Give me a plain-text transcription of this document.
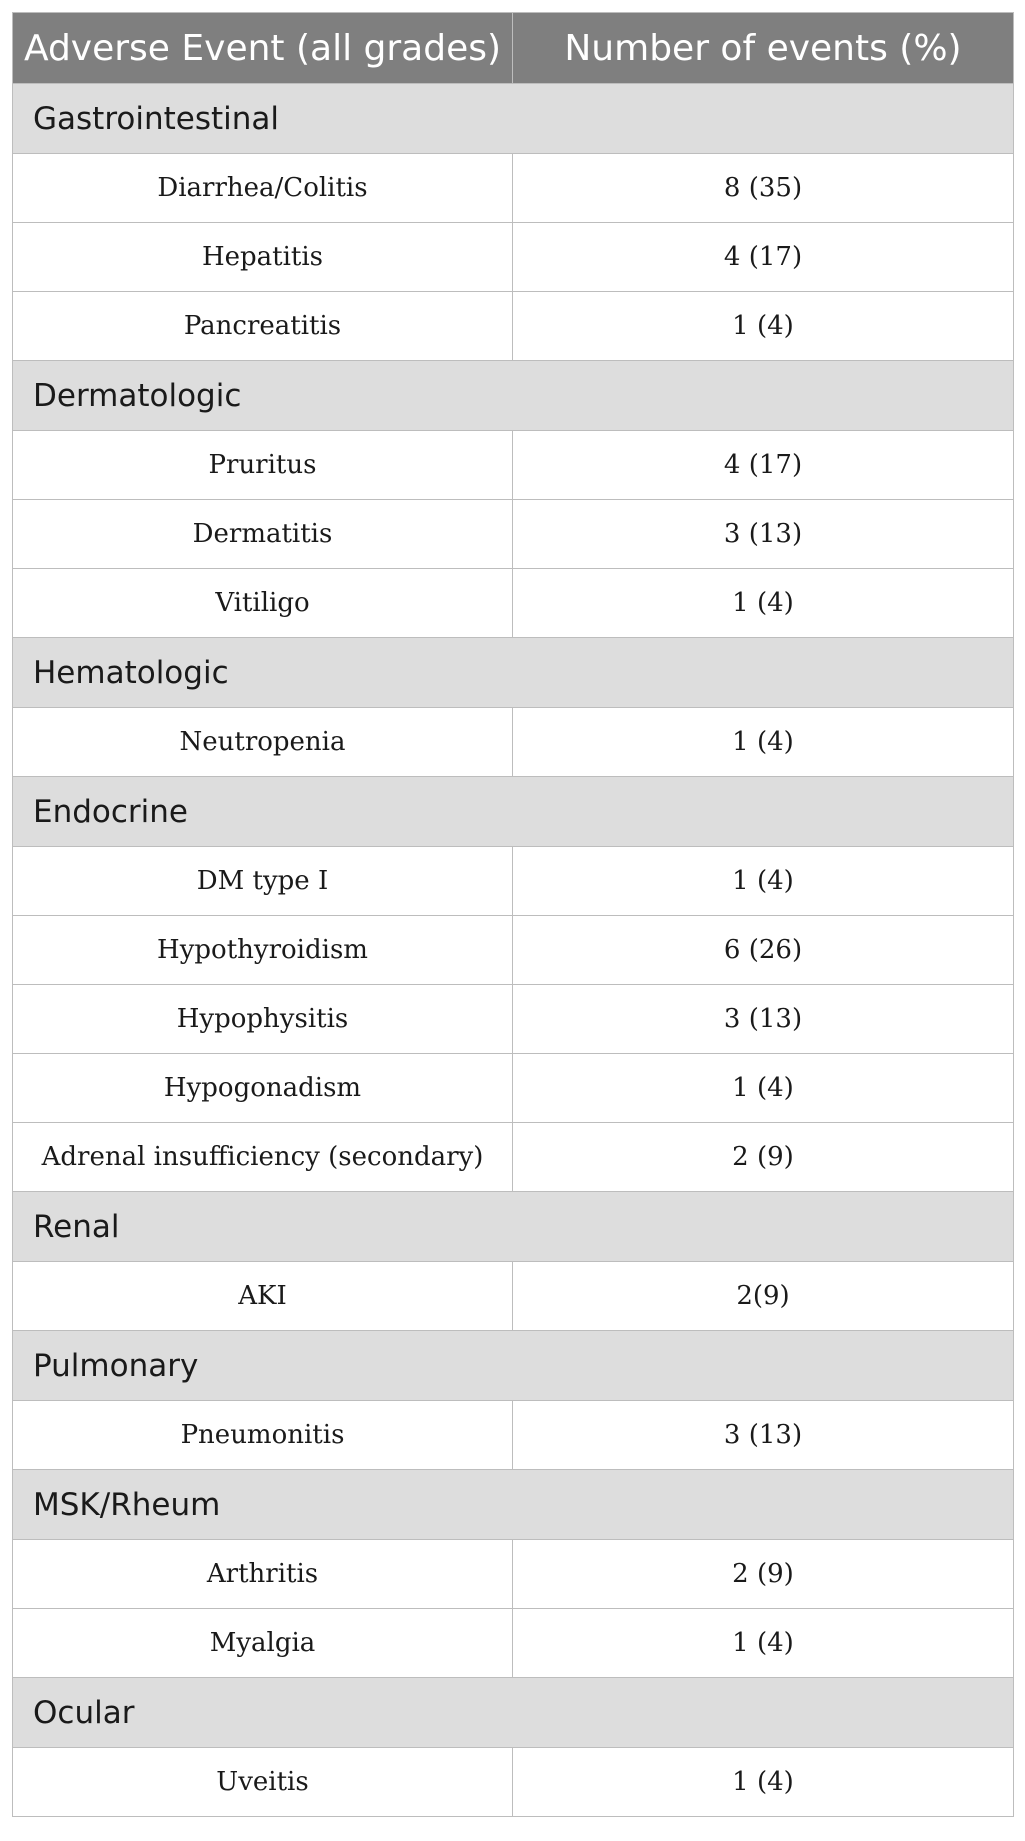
Adverse Event (all grades)	Number of events (%)
Gastrointestinal	
Diarrhea/Colitis	8 (35)
Hepatitis	4 (17)
Pancreatitis	1 (4)
Dermatologic	
Pruritus	4 (17)
Dermatitis	3 (13)
Vitiligo	1 (4)
Hematologic	
Neutropenia	1 (4)
Endocrine	
DM type I	1 (4)
Hypothyroidism	6 (26)
Hypophysitis	3 (13)
Hypogonadism	1 (4)
Adrenal insufficiency (secondary)	2 (9)
Renal	
AKI	2(9)
Pulmonary	
Pneumonitis	3 (13)
MSK/Rheum	
Arthritis	2 (9)
Myalgia	1 (4)
Ocular	
Uveitis	1 (4)
